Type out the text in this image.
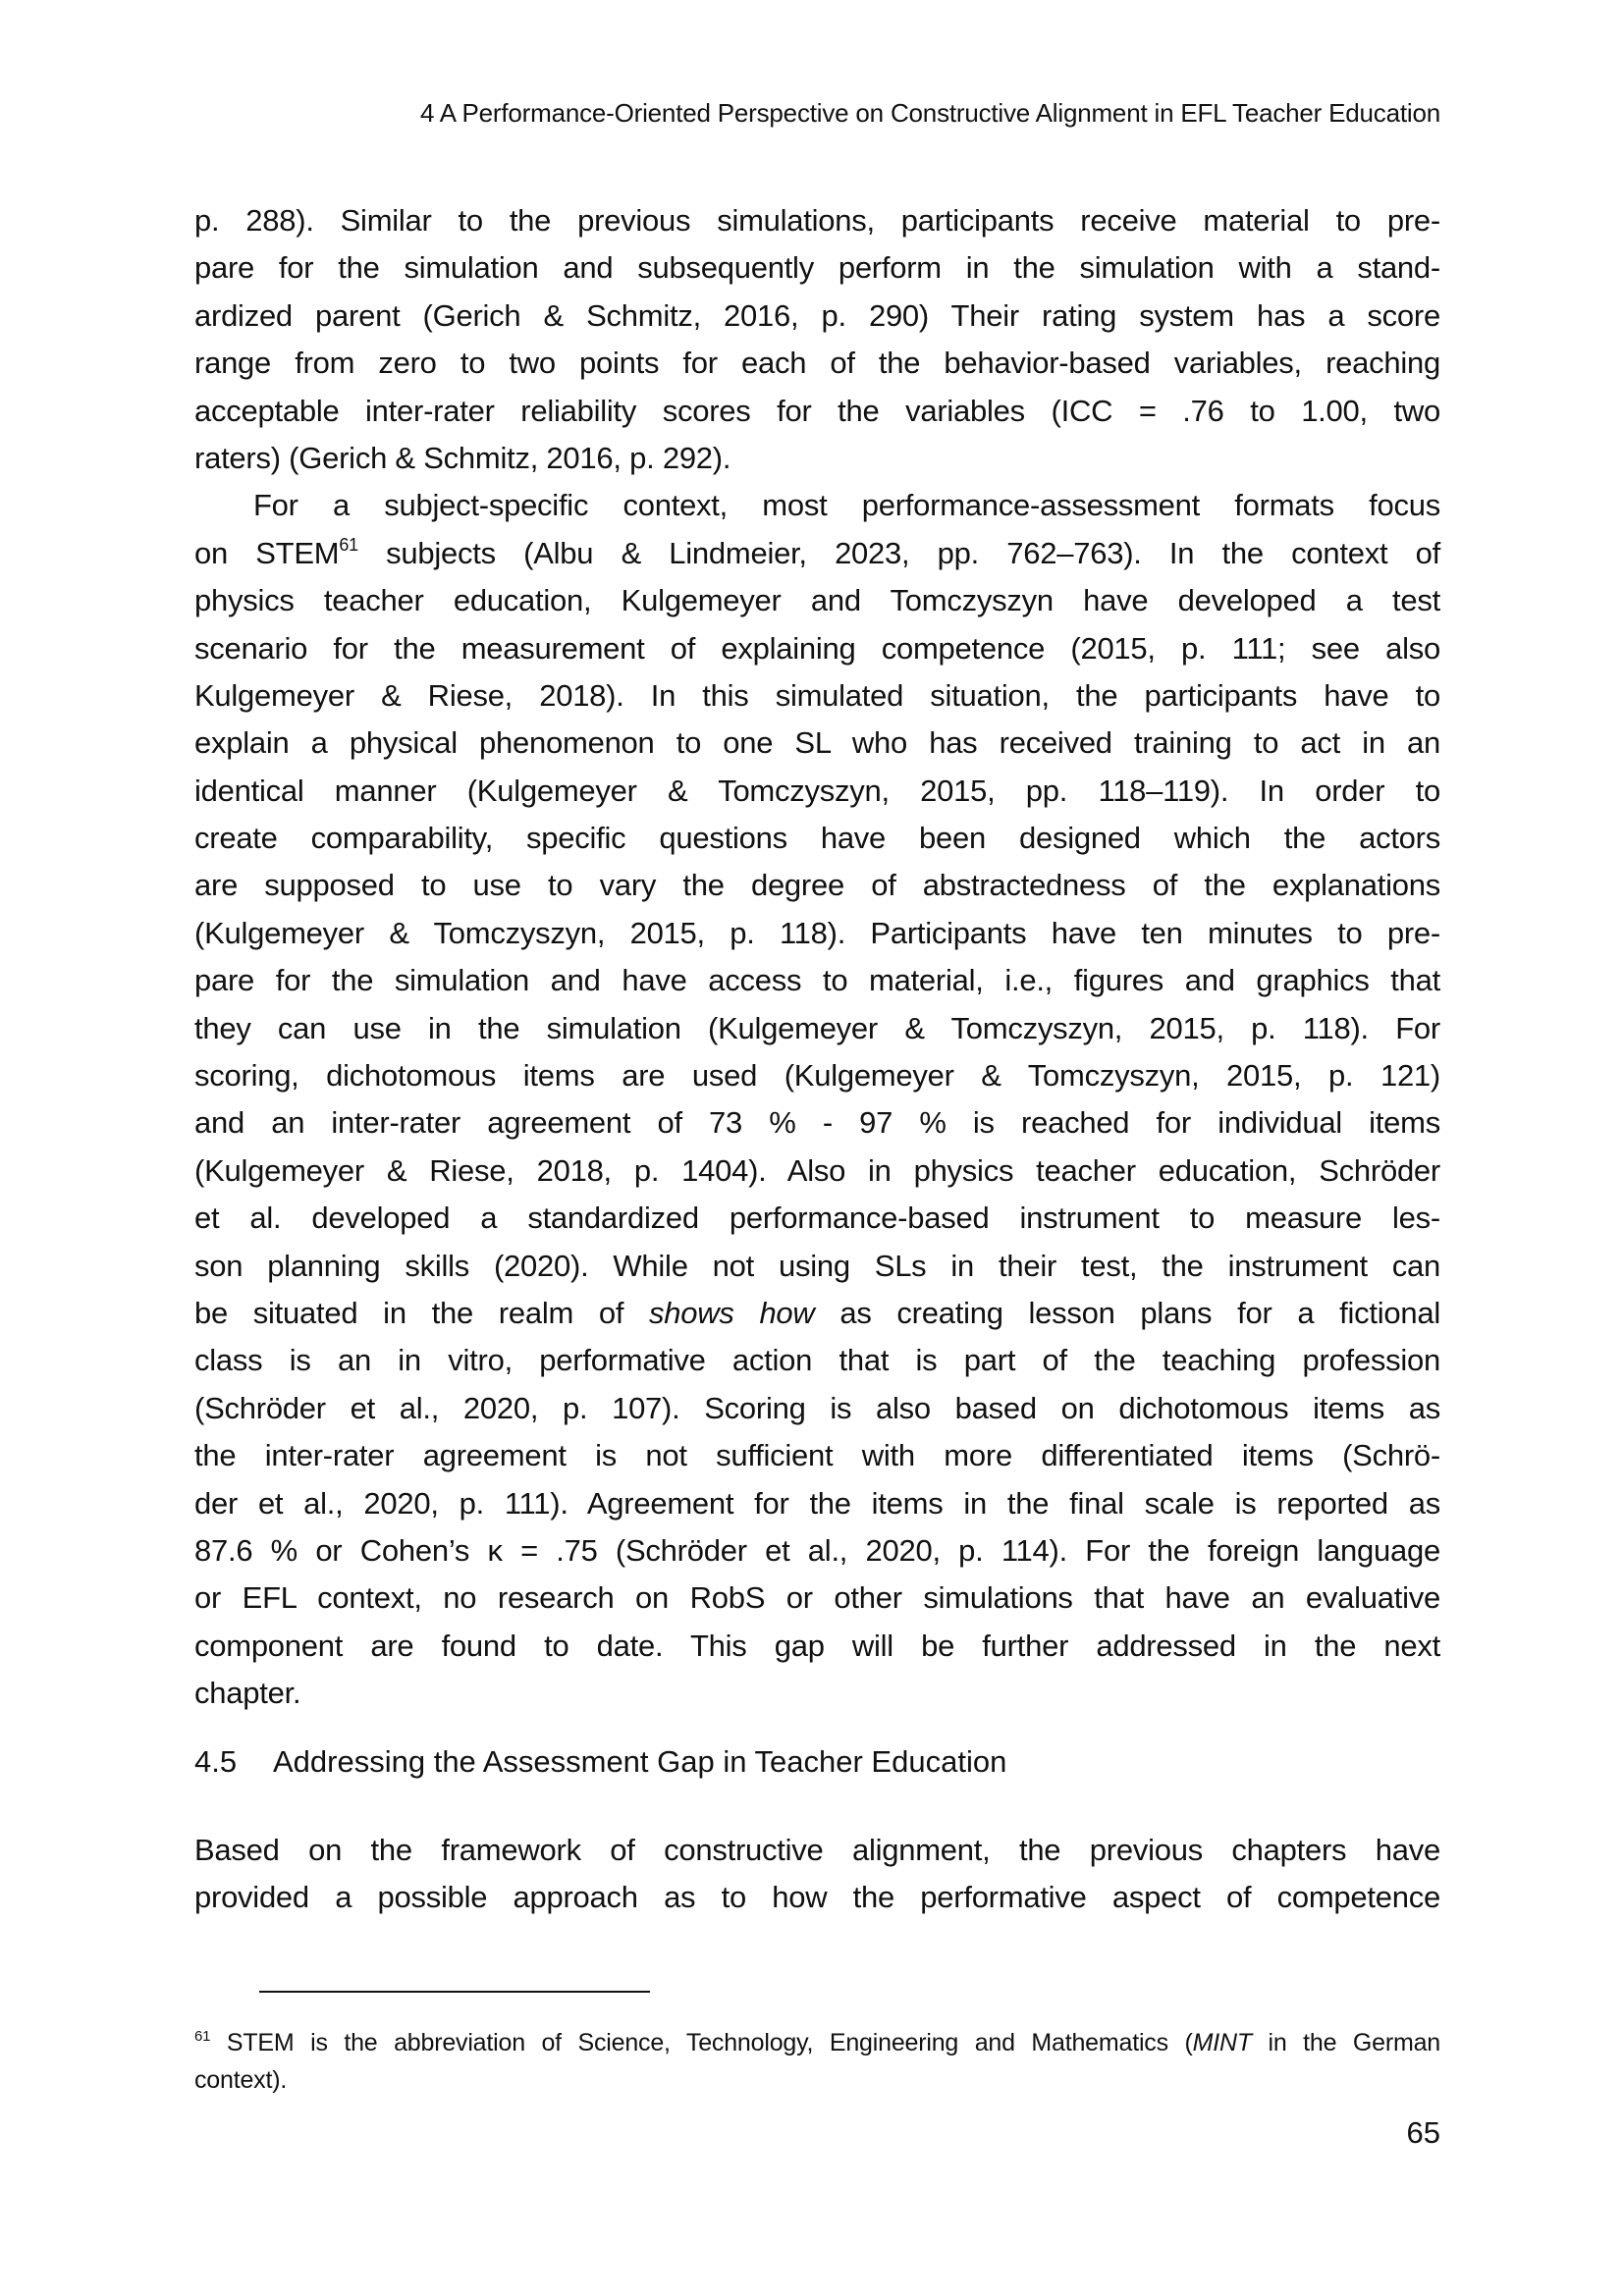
4 A Performance-Oriented Perspective on Constructive Alignment in EFL Teacher Education
p. 288). Similar to the previous simulations, participants receive material to pre-
pare for the simulation and subsequently perform in the simulation with a stand-
ardized parent (Gerich & Schmitz, 2016, p. 290) Their rating system has a score
range from zero to two points for each of the behavior-based variables, reaching
acceptable inter-rater reliability scores for the variables (ICC = .76 to 1.00, two
raters) (Gerich & Schmitz, 2016, p. 292).
For a subject-specific context, most performance-assessment formats focus
on STEM$^{61}$ subjects (Albu & Lindmeier, 2023, pp. 762–763). In the context of
physics teacher education, Kulgemeyer and Tomczyszyn have developed a test
scenario for the measurement of explaining competence (2015, p. 111; see also
Kulgemeyer & Riese, 2018). In this simulated situation, the participants have to
explain a physical phenomenon to one SL who has received training to act in an
identical manner (Kulgemeyer & Tomczyszyn, 2015, pp. 118–119). In order to
create comparability, specific questions have been designed which the actors
are supposed to use to vary the degree of abstractedness of the explanations
(Kulgemeyer & Tomczyszyn, 2015, p. 118). Participants have ten minutes to pre-
pare for the simulation and have access to material, i.e., figures and graphics that
they can use in the simulation (Kulgemeyer & Tomczyszyn, 2015, p. 118). For
scoring, dichotomous items are used (Kulgemeyer & Tomczyszyn, 2015, p. 121)
and an inter-rater agreement of 73 % - 97 % is reached for individual items
(Kulgemeyer & Riese, 2018, p. 1404). Also in physics teacher education, Schröder
et al. developed a standardized performance-based instrument to measure les-
son planning skills (2020). While not using SLs in their test, the instrument can
be situated in the realm of shows how as creating lesson plans for a fictional
class is an in vitro, performative action that is part of the teaching profession
(Schröder et al., 2020, p. 107). Scoring is also based on dichotomous items as
the inter-rater agreement is not sufficient with more differentiated items (Schrö-
der et al., 2020, p. 111). Agreement for the items in the final scale is reported as
87.6 % or Cohen’s κ = .75 (Schröder et al., 2020, p. 114). For the foreign language
or EFL context, no research on RobS or other simulations that have an evaluative
component are found to date. This gap will be further addressed in the next
chapter.
4.5 Addressing the Assessment Gap in Teacher Education
Based on the framework of constructive alignment, the previous chapters have
provided a possible approach as to how the performative aspect of competence
$^{61}$ STEM is the abbreviation of Science, Technology, Engineering and Mathematics (MINT in the German
context).
65
